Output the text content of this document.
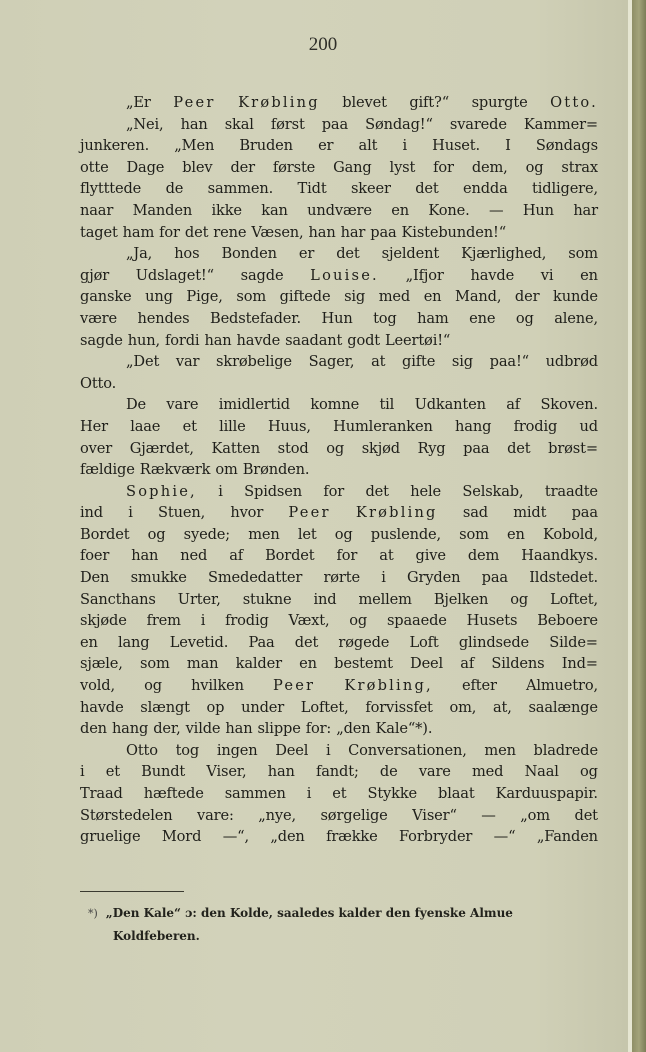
200
„Er Peer Krøbling blevet gift?“ spurgte Otto.
„Nei, han skal først paa Søndag!“ svarede Kammer=
junkeren. „Men Bruden er alt i Huset. I Søndags
otte Dage blev der første Gang lyst for dem, og strax
flytttede de sammen. Tidt skeer det endda tidligere,
naar Manden ikke kan undvære en Kone. — Hun har
taget ham for det rene Væsen, han har paa Kistebunden!“
„Ja, hos Bonden er det sjeldent Kjærlighed, som
gjør Udslaget!“ sagde Louise. „Ifjor havde vi en
ganske ung Pige, som giftede sig med en Mand, der kunde
være hendes Bedstefader. Hun tog ham ene og alene,
sagde hun, fordi han havde saadant godt Leertøi!“
„Det var skrøbelige Sager, at gifte sig paa!“ udbrød
Otto.
De vare imidlertid komne til Udkanten af Skoven.
Her laae et lille Huus, Humleranken hang frodig ud
over Gjærdet, Katten stod og skjød Ryg paa det brøst=
fældige Rækværk om Brønden.
Sophie, i Spidsen for det hele Selskab, traadte
ind i Stuen, hvor Peer Krøbling sad midt paa
Bordet og syede; men let og puslende, som en Kobold,
foer han ned af Bordet for at give dem Haandkys.
Den smukke Smededatter rørte i Gryden paa Ildstedet.
Sancthans Urter, stukne ind mellem Bjelken og Loftet,
skjøde frem i frodig Væxt, og spaaede Husets Beboere
en lang Levetid. Paa det røgede Loft glindsede Silde=
sjæle, som man kalder en bestemt Deel af Sildens Ind=
vold, og hvilken Peer Krøbling, efter Almuetro,
havde slængt op under Loftet, forvissfet om, at, saalænge
den hang der, vilde han slippe for: „den Kale“*).
Otto tog ingen Deel i Conversationen, men bladrede
i et Bundt Viser, han fandt; de vare med Naal og
Traad hæftede sammen i et Stykke blaat Karduuspapir.
Størstedelen vare: „nye, sørgelige Viser“ — „om det
gruelige Mord —“, „den frække Forbryder —“ „Fanden
*) „Den Kale“ ɔ: den Kolde, saaledes kalder den fyenske Almue
Koldfeberen.
